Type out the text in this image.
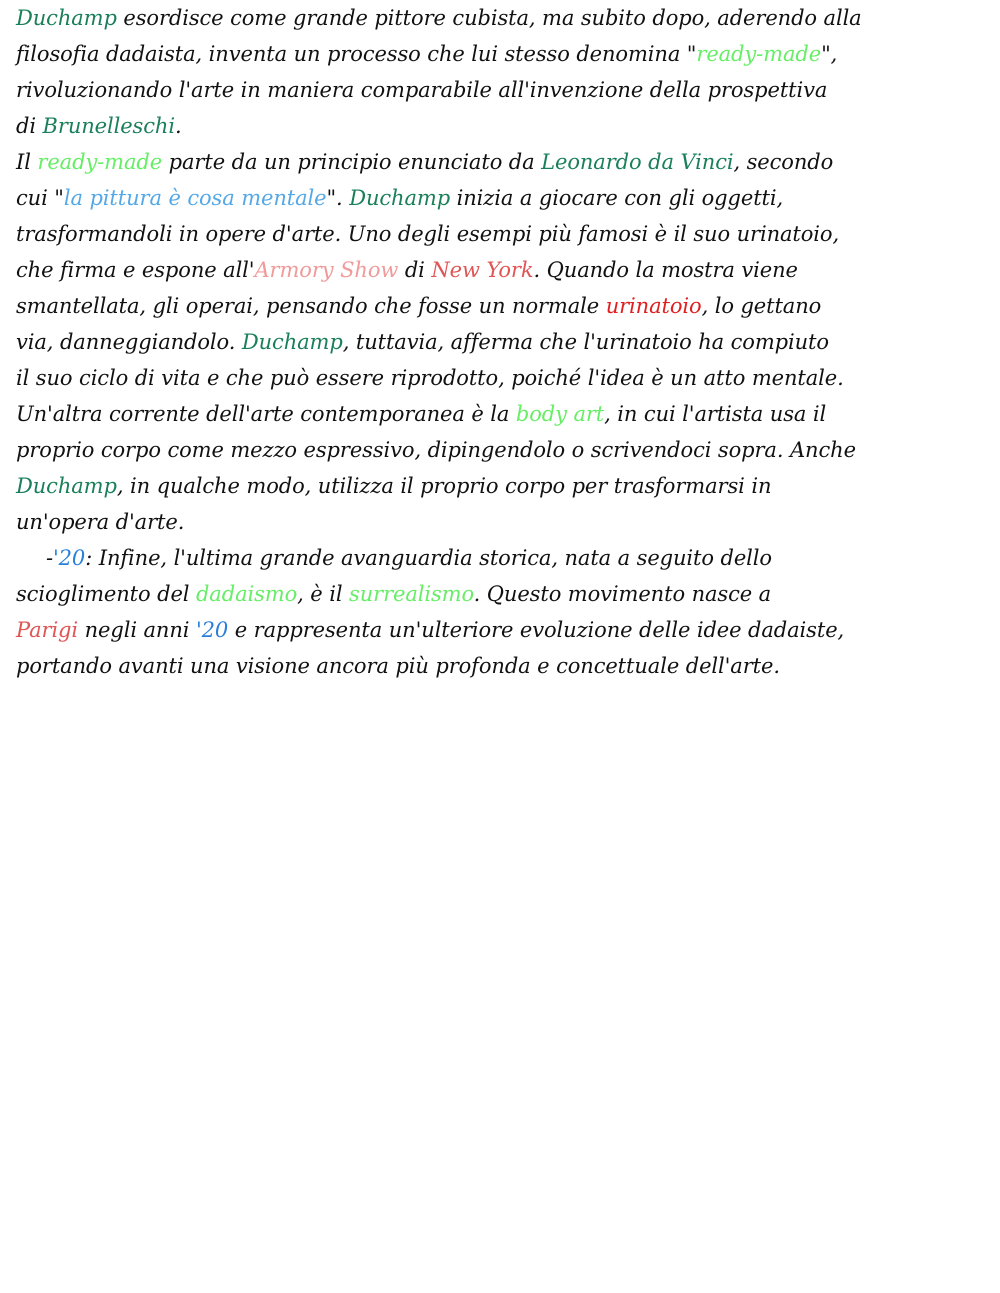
Duchamp esordisce come grande pittore cubista, ma subito dopo, aderendo alla
filosofia dadaista, inventa un processo che lui stesso denomina "ready-made",
rivoluzionando l'arte in maniera comparabile all'invenzione della prospettiva
di Brunelleschi.
Il ready-made parte da un principio enunciato da Leonardo da Vinci, secondo
cui "la pittura è cosa mentale". Duchamp inizia a giocare con gli oggetti,
trasformandoli in opere d'arte. Uno degli esempi più famosi è il suo urinatoio,
che firma e espone all'Armory Show di New York. Quando la mostra viene
smantellata, gli operai, pensando che fosse un normale urinatoio, lo gettano
via, danneggiandolo. Duchamp, tuttavia, afferma che l'urinatoio ha compiuto
il suo ciclo di vita e che può essere riprodotto, poiché l'idea è un atto mentale.
Un'altra corrente dell'arte contemporanea è la body art, in cui l'artista usa il
proprio corpo come mezzo espressivo, dipingendolo o scrivendoci sopra. Anche
Duchamp, in qualche modo, utilizza il proprio corpo per trasformarsi in
un'opera d'arte.
-'20: Infine, l'ultima grande avanguardia storica, nata a seguito dello
scioglimento del dadaismo, è il surrealismo. Questo movimento nasce a
Parigi negli anni '20 e rappresenta un'ulteriore evoluzione delle idee dadaiste,
portando avanti una visione ancora più profonda e concettuale dell'arte.
